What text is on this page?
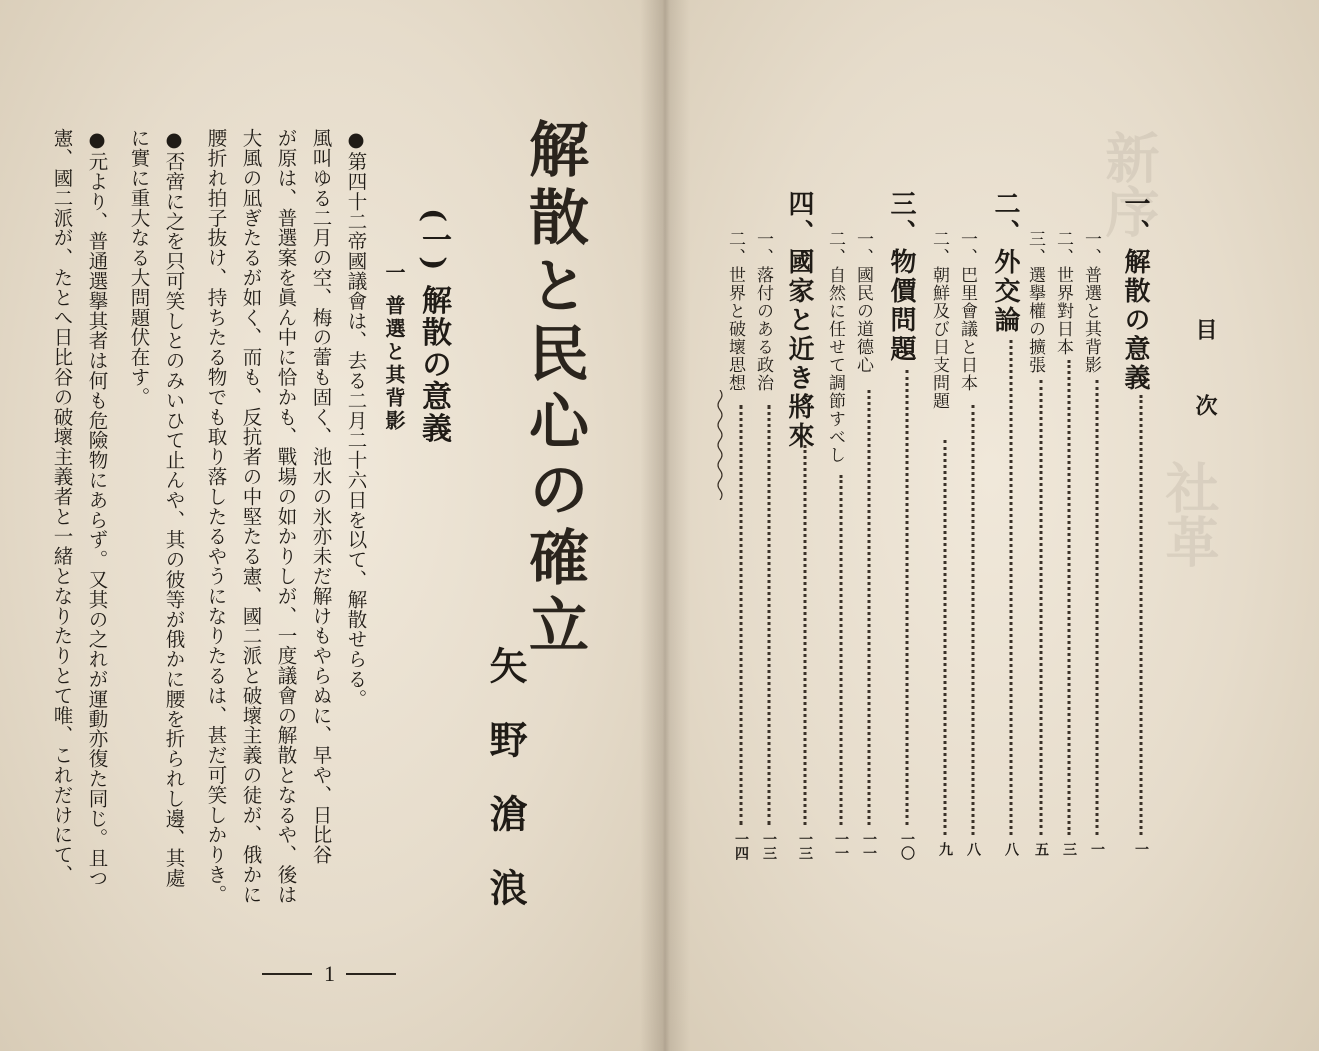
解散と民心の確立
矢野滄浪
(一) 解散の意義
一 普選と其背影
●第四十二帝國議會は、去る二月二十六日を以て、解散せらる。
風叫ゆる二月の空、梅の蕾も固く、池水の氷亦未だ解けもやらぬに、早や、日比谷
が原は、普選案を眞ん中に恰かも、戰場の如かりしが、一度議會の解散となるや、後は
大風の凪ぎたるが如く、而も、反抗者の中堅たる憲、國二派と破壞主義の徒が、俄かに
腰折れ拍子抜け、持ちたる物でも取り落したるやうになりたるは、甚だ可笑しかりき。
●否啻に之を只可笑しとのみいひて止んや、其の彼等が俄かに腰を折られし邊、其處
に實に重大なる大問題伏在す。
●元より、普通選擧其者は何も危險物にあらず。又其の之れが運動亦復た同じ。且つ
憲、國二派が、たとへ日比谷の破壞主義者と一緒となりたりとて唯、これだけにて、
1
新序
社革
目次
一、解散の意義
一
一、普選と其背影
一
二、世界對日本
三
三、選擧權の擴張
五
二、外交論
八
一、巴里會議と日本
八
二、朝鮮及び日支問題
九
三、物價問題
一〇
一、國民の道德心
一一
二、自然に任せて調節すべし
一一
四、國家と近き將來
一三
一、落付のある政治
一三
二、世界と破壞思想
一四
